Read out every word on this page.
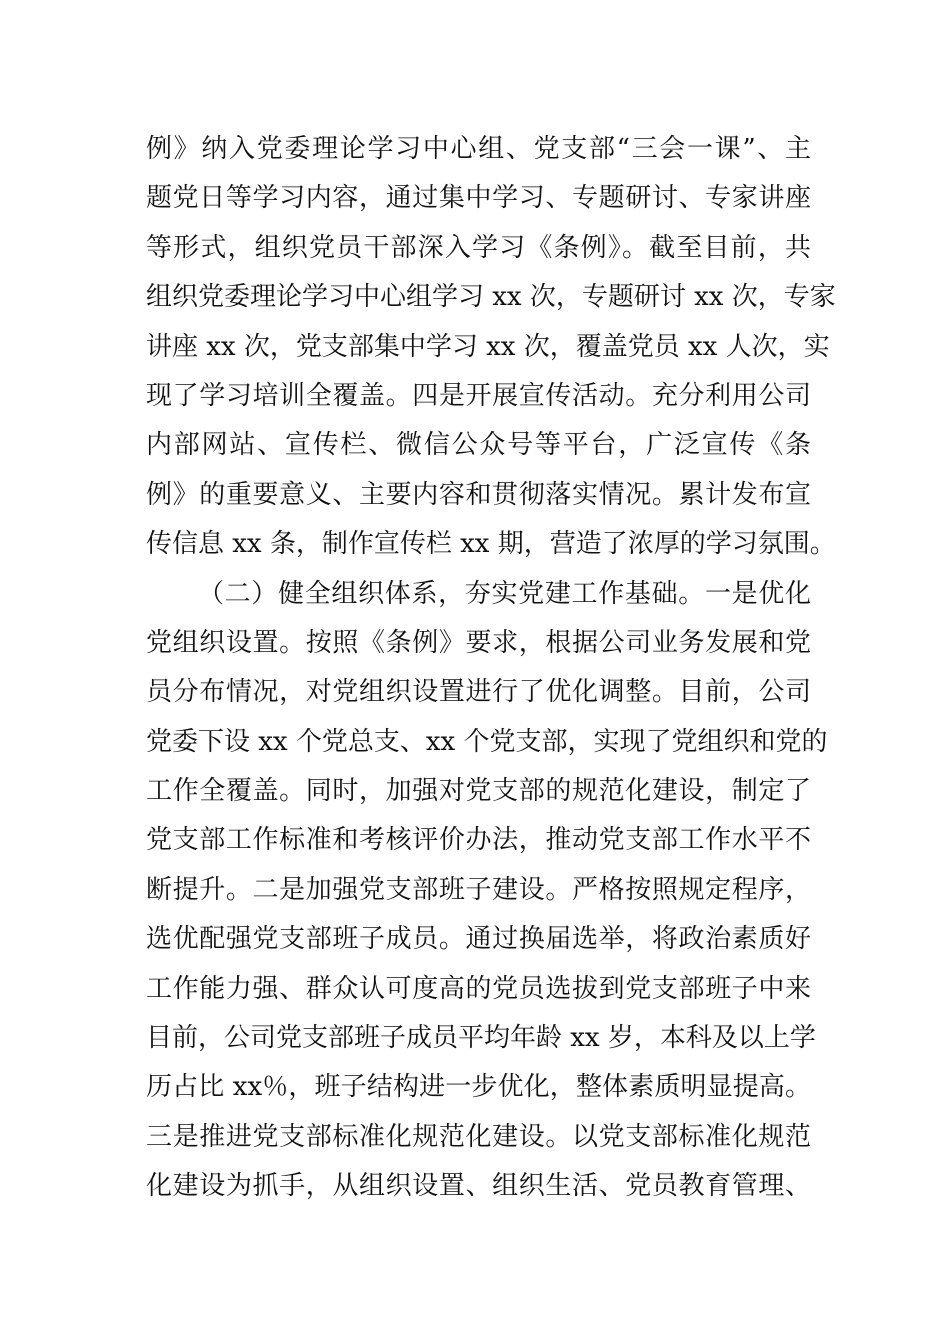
例》纳入党委理论学习中心组、党支部“三会一课”、主
题党日等学习内容，通过集中学习、专题研讨、专家讲座
等形式，组织党员干部深入学习《条例》。截至目前，共
组织党委理论学习中心组学习 xx 次，专题研讨 xx 次，专家
讲座 xx 次，党支部集中学习 xx 次，覆盖党员 xx 人次，实
现了学习培训全覆盖。四是开展宣传活动。充分利用公司
内部网站、宣传栏、微信公众号等平台，广泛宣传《条
例》的重要意义、主要内容和贯彻落实情况。累计发布宣
传信息 xx 条，制作宣传栏 xx 期，营造了浓厚的学习氛围。
（二）健全组织体系，夯实党建工作基础。一是优化
党组织设置。按照《条例》要求，根据公司业务发展和党
员分布情况，对党组织设置进行了优化调整。目前，公司
党委下设 xx 个党总支、xx 个党支部，实现了党组织和党的
工作全覆盖。同时，加强对党支部的规范化建设，制定了
党支部工作标准和考核评价办法，推动党支部工作水平不
断提升。二是加强党支部班子建设。严格按照规定程序，
选优配强党支部班子成员。通过换届选举，将政治素质好
工作能力强、群众认可度高的党员选拔到党支部班子中来
目前，公司党支部班子成员平均年龄 xx 岁，本科及以上学
历占比 xx％，班子结构进一步优化，整体素质明显提高。
三是推进党支部标准化规范化建设。以党支部标准化规范
化建设为抓手，从组织设置、组织生活、党员教育管理、
